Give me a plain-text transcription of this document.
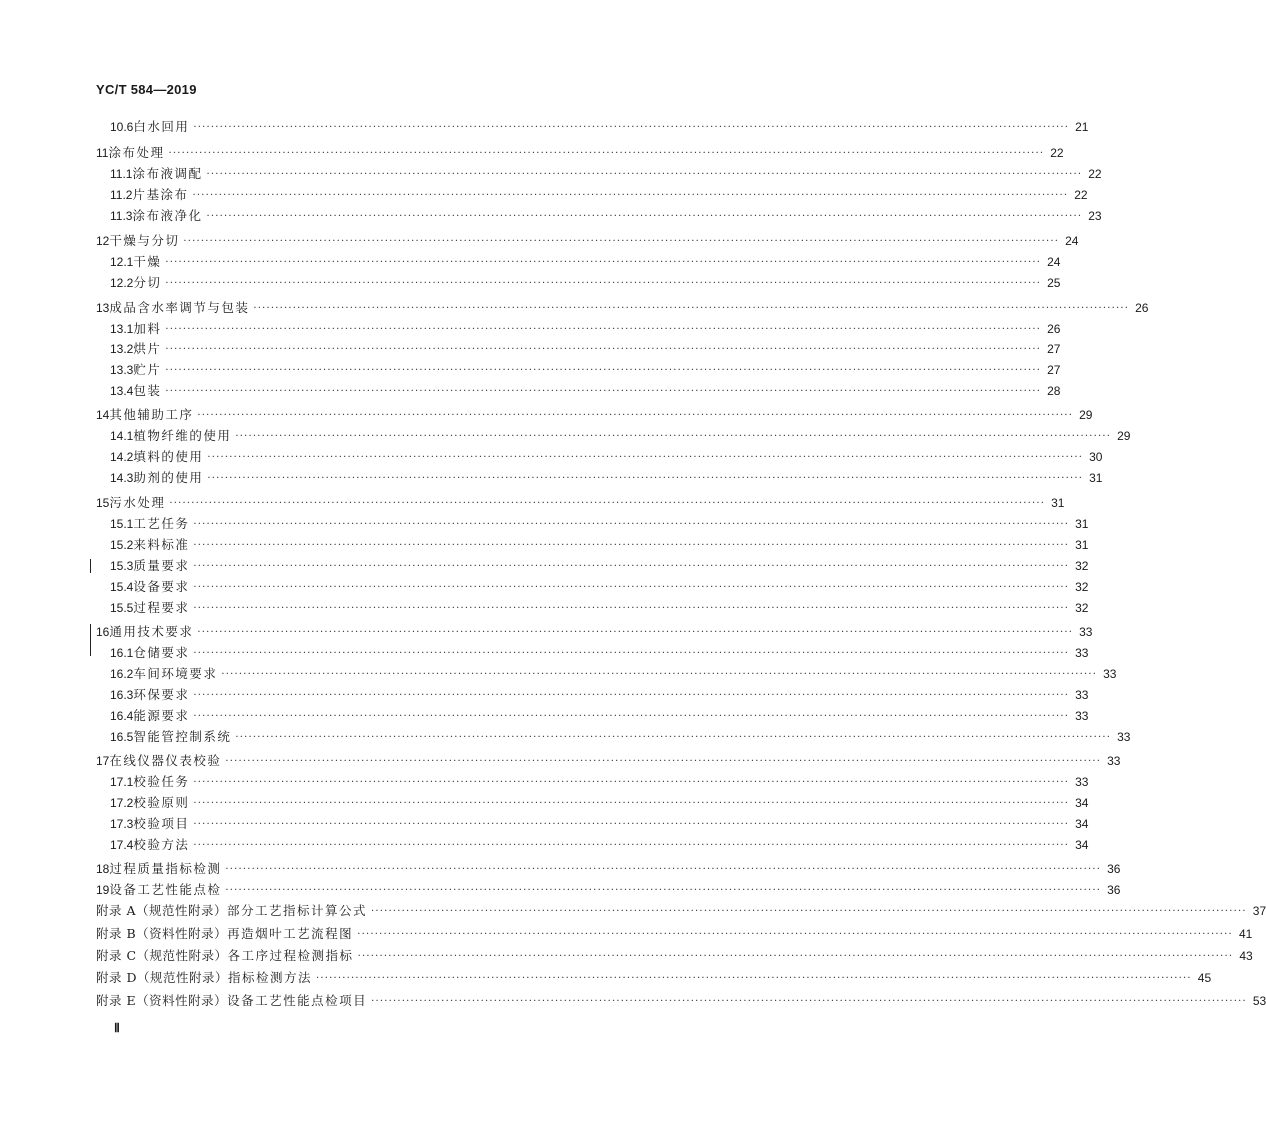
YC/T 584—2019
10.6 白水回用 ········································································································································································································ 21
11 涂布处理 ········································································································································································································ 22
11.1 涂布液调配 ········································································································································································································ 22
11.2 片基涂布 ········································································································································································································ 22
11.3 涂布液净化 ········································································································································································································ 23
12 干燥与分切 ········································································································································································································ 24
12.1 干燥 ········································································································································································································ 24
12.2 分切 ········································································································································································································ 25
13 成品含水率调节与包装 ········································································································································································································ 26
13.1 加料 ········································································································································································································ 26
13.2 烘片 ········································································································································································································ 27
13.3 贮片 ········································································································································································································ 27
13.4 包装 ········································································································································································································ 28
14 其他辅助工序 ········································································································································································································ 29
14.1 植物纤维的使用 ········································································································································································································ 29
14.2 填料的使用 ········································································································································································································ 30
14.3 助剂的使用 ········································································································································································································ 31
15 污水处理 ········································································································································································································ 31
15.1 工艺任务 ········································································································································································································ 31
15.2 来料标准 ········································································································································································································ 31
15.3 质量要求 ········································································································································································································ 32
15.4 设备要求 ········································································································································································································ 32
15.5 过程要求 ········································································································································································································ 32
16 通用技术要求 ········································································································································································································ 33
16.1 仓储要求 ········································································································································································································ 33
16.2 车间环境要求 ········································································································································································································ 33
16.3 环保要求 ········································································································································································································ 33
16.4 能源要求 ········································································································································································································ 33
16.5 智能管控制系统 ········································································································································································································ 33
17 在线仪器仪表校验 ········································································································································································································ 33
17.1 校验任务 ········································································································································································································ 33
17.2 校验原则 ········································································································································································································ 34
17.3 校验项目 ········································································································································································································ 34
17.4 校验方法 ········································································································································································································ 34
18 过程质量指标检测 ········································································································································································································ 36
19 设备工艺性能点检 ········································································································································································································ 36
附录 A（规范性附录） 部分工艺指标计算公式 ········································································································································································································ 37
附录 B（资料性附录） 再造烟叶工艺流程图 ········································································································································································································ 41
附录 C（规范性附录） 各工序过程检测指标 ········································································································································································································ 43
附录 D（规范性附录） 指标检测方法 ········································································································································································································ 45
附录 E（资料性附录） 设备工艺性能点检项目 ········································································································································································································ 53
Ⅱ
